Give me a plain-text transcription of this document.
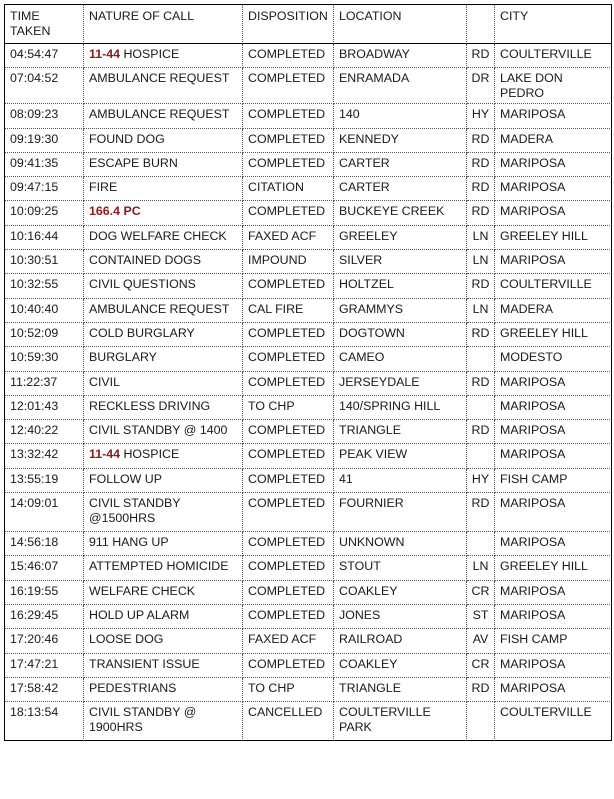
TIME TAKEN	NATURE OF CALL	DISPOSITION	LOCATION		CITY
04:54:47	11-44 HOSPICE	COMPLETED	BROADWAY	RD	COULTERVILLE
07:04:52	AMBULANCE REQUEST	COMPLETED	ENRAMADA	DR	LAKE DON PEDRO
08:09:23	AMBULANCE REQUEST	COMPLETED	140	HY	MARIPOSA
09:19:30	FOUND DOG	COMPLETED	KENNEDY	RD	MADERA
09:41:35	ESCAPE BURN	COMPLETED	CARTER	RD	MARIPOSA
09:47:15	FIRE	CITATION	CARTER	RD	MARIPOSA
10:09:25	166.4 PC	COMPLETED	BUCKEYE CREEK	RD	MARIPOSA
10:16:44	DOG WELFARE CHECK	FAXED ACF	GREELEY	LN	GREELEY HILL
10:30:51	CONTAINED DOGS	IMPOUND	SILVER	LN	MARIPOSA
10:32:55	CIVIL QUESTIONS	COMPLETED	HOLTZEL	RD	COULTERVILLE
10:40:40	AMBULANCE REQUEST	CAL FIRE	GRAMMYS	LN	MADERA
10:52:09	COLD BURGLARY	COMPLETED	DOGTOWN	RD	GREELEY HILL
10:59:30	BURGLARY	COMPLETED	CAMEO		MODESTO
11:22:37	CIVIL	COMPLETED	JERSEYDALE	RD	MARIPOSA
12:01:43	RECKLESS DRIVING	TO CHP	140/SPRING HILL		MARIPOSA
12:40:22	CIVIL STANDBY @ 1400	COMPLETED	TRIANGLE	RD	MARIPOSA
13:32:42	11-44 HOSPICE	COMPLETED	PEAK VIEW		MARIPOSA
13:55:19	FOLLOW UP	COMPLETED	41	HY	FISH CAMP
14:09:01	CIVIL STANDBY @1500HRS	COMPLETED	FOURNIER	RD	MARIPOSA
14:56:18	911 HANG UP	COMPLETED	UNKNOWN		MARIPOSA
15:46:07	ATTEMPTED HOMICIDE	COMPLETED	STOUT	LN	GREELEY HILL
16:19:55	WELFARE CHECK	COMPLETED	COAKLEY	CR	MARIPOSA
16:29:45	HOLD UP ALARM	COMPLETED	JONES	ST	MARIPOSA
17:20:46	LOOSE DOG	FAXED ACF	RAILROAD	AV	FISH CAMP
17:47:21	TRANSIENT ISSUE	COMPLETED	COAKLEY	CR	MARIPOSA
17:58:42	PEDESTRIANS	TO CHP	TRIANGLE	RD	MARIPOSA
18:13:54	CIVIL STANDBY @ 1900HRS	CANCELLED	COULTERVILLE PARK		COULTERVILLE
